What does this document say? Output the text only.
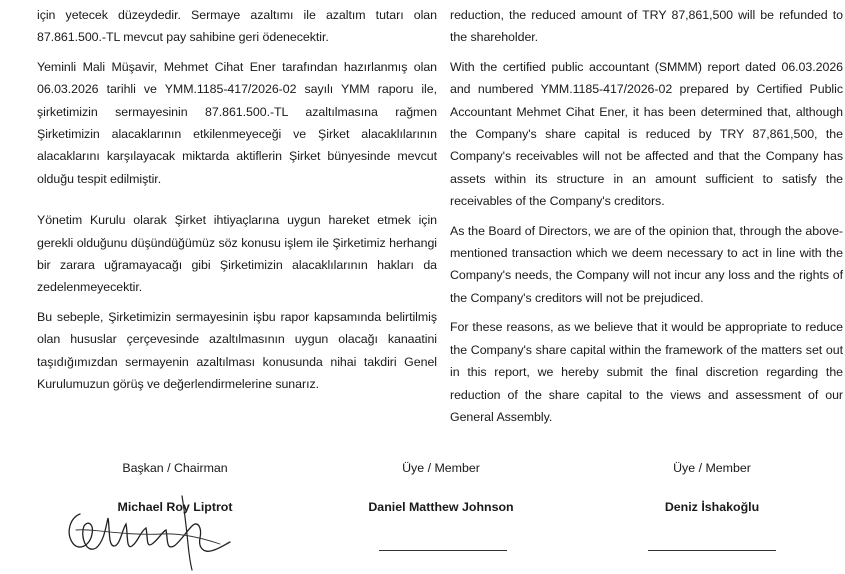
için yetecek düzeydedir. Sermaye azaltımı ile azaltım tutarı olan 87.861.500.-TL mevcut pay sahibine geri ödenecektir.

Yeminli Mali Müşavir, Mehmet Cihat Ener tarafından hazırlanmış olan 06.03.2026 tarihli ve YMM.1185-417/2026-02 sayılı YMM raporu ile, şirketimizin sermayesinin 87.861.500.-TL azaltılmasına rağmen Şirketimizin alacaklarının etkilenmeyeceği ve Şirket alacaklılarının alacaklarını karşılayacak miktarda aktiflerin Şirket bünyesinde mevcut olduğu tespit edilmiştir.

Yönetim Kurulu olarak Şirket ihtiyaçlarına uygun hareket etmek için gerekli olduğunu düşündüğümüz söz konusu işlem ile Şirketimiz herhangi bir zarara uğramayacağı gibi Şirketimizin alacaklılarının hakları da zedelenmeyecektir.

Bu sebeple, Şirketimizin sermayesinin işbu rapor kapsamında belirtilmiş olan hususlar çerçevesinde azaltılmasının uygun olacağı kanaatini taşıdığımızdan sermayenin azaltılması konusunda nihai takdiri Genel Kurulumuzun görüş ve değerlendirmelerine sunarız.

reduction, the reduced amount of TRY 87,861,500 will be refunded to the shareholder.

With the certified public accountant (SMMM) report dated 06.03.2026 and numbered YMM.1185-417/2026-02 prepared by Certified Public Accountant Mehmet Cihat Ener, it has been determined that, although the Company's share capital is reduced by TRY 87,861,500, the Company's receivables will not be affected and that the Company has assets within its structure in an amount sufficient to satisfy the receivables of the Company's creditors.

As the Board of Directors, we are of the opinion that, through the above-mentioned transaction which we deem necessary to act in line with the Company's needs, the Company will not incur any loss and the rights of the Company's creditors will not be prejudiced.

For these reasons, as we believe that it would be appropriate to reduce the Company's share capital within the framework of the matters set out in this report, we hereby submit the final discretion regarding the reduction of the share capital to the views and assessment of our General Assembly.

Başkan / Chairman
Michael Roy Liptrot
Üye / Member
Daniel Matthew Johnson
Üye / Member
Deniz İshakoğlu
